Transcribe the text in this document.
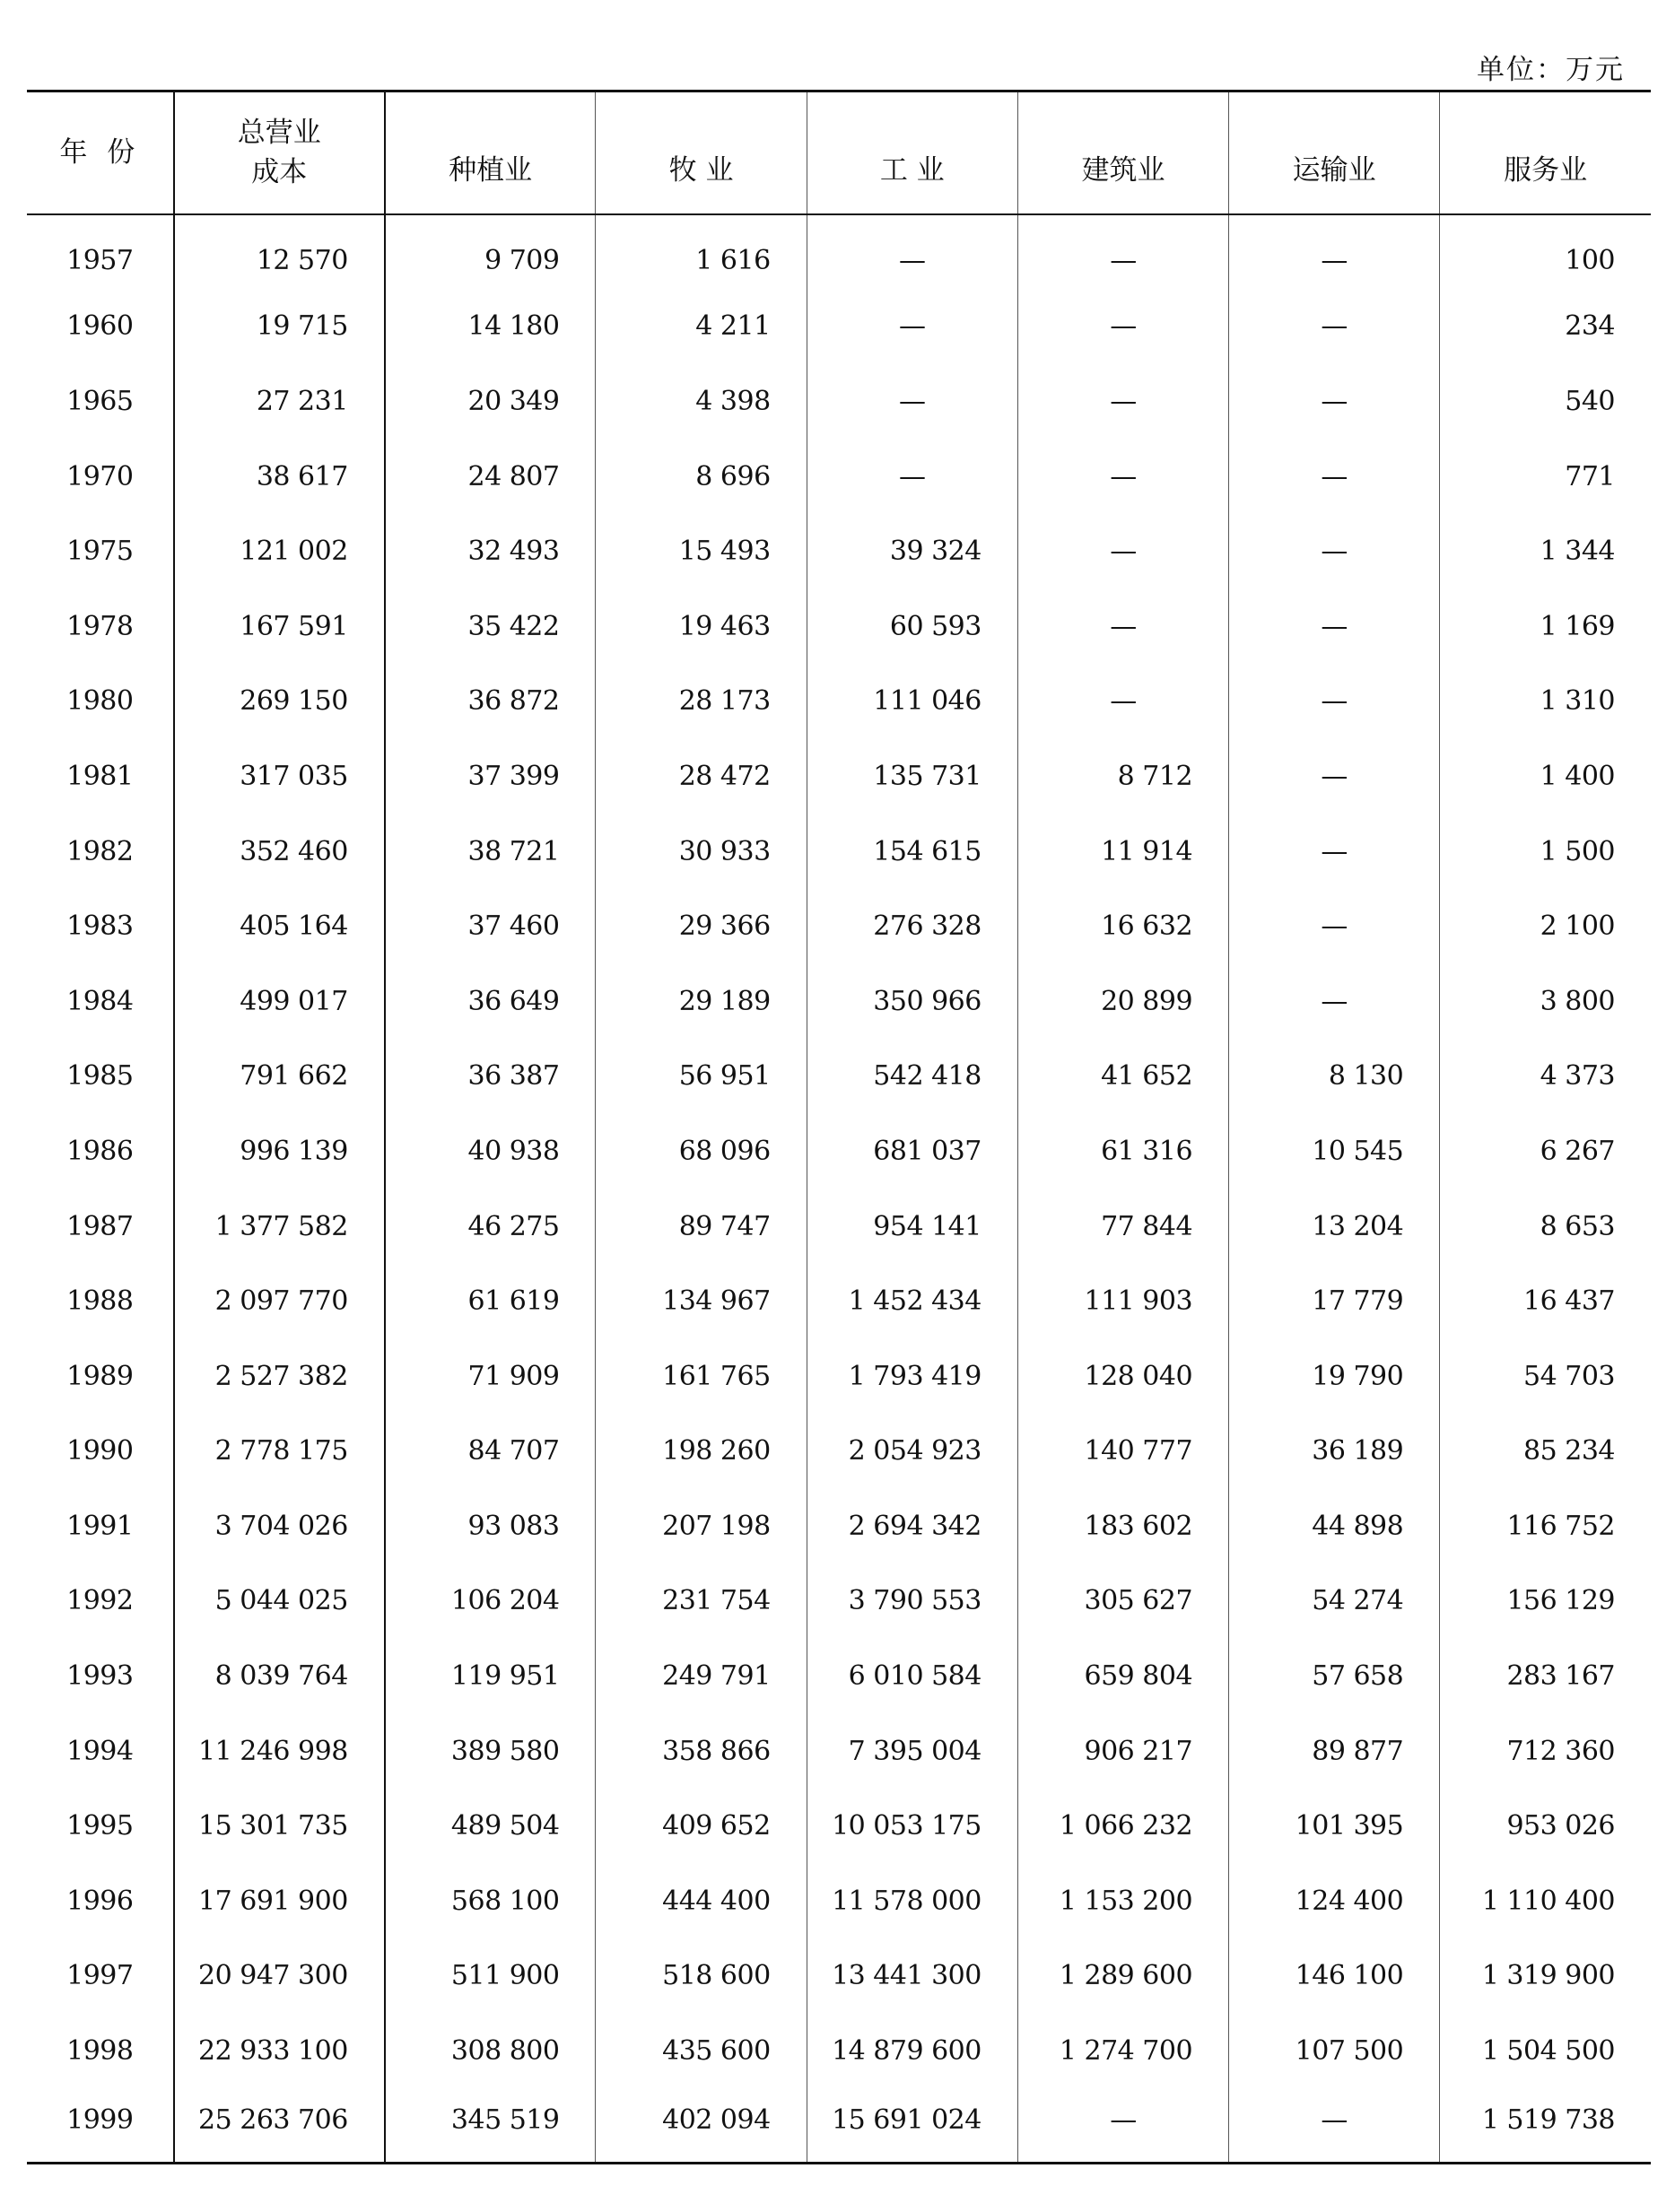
单位：万元
年 份	总营业成本	种植业	牧 业	工 业	建筑业	运输业	服务业
1957	12 570	9 709	1 616	—	—	—	100
1960	19 715	14 180	4 211	—	—	—	234
1965	27 231	20 349	4 398	—	—	—	540
1970	38 617	24 807	8 696	—	—	—	771
1975	121 002	32 493	15 493	39 324	—	—	1 344
1978	167 591	35 422	19 463	60 593	—	—	1 169
1980	269 150	36 872	28 173	111 046	—	—	1 310
1981	317 035	37 399	28 472	135 731	8 712	—	1 400
1982	352 460	38 721	30 933	154 615	11 914	—	1 500
1983	405 164	37 460	29 366	276 328	16 632	—	2 100
1984	499 017	36 649	29 189	350 966	20 899	—	3 800
1985	791 662	36 387	56 951	542 418	41 652	8 130	4 373
1986	996 139	40 938	68 096	681 037	61 316	10 545	6 267
1987	1 377 582	46 275	89 747	954 141	77 844	13 204	8 653
1988	2 097 770	61 619	134 967	1 452 434	111 903	17 779	16 437
1989	2 527 382	71 909	161 765	1 793 419	128 040	19 790	54 703
1990	2 778 175	84 707	198 260	2 054 923	140 777	36 189	85 234
1991	3 704 026	93 083	207 198	2 694 342	183 602	44 898	116 752
1992	5 044 025	106 204	231 754	3 790 553	305 627	54 274	156 129
1993	8 039 764	119 951	249 791	6 010 584	659 804	57 658	283 167
1994	11 246 998	389 580	358 866	7 395 004	906 217	89 877	712 360
1995	15 301 735	489 504	409 652	10 053 175	1 066 232	101 395	953 026
1996	17 691 900	568 100	444 400	11 578 000	1 153 200	124 400	1 110 400
1997	20 947 300	511 900	518 600	13 441 300	1 289 600	146 100	1 319 900
1998	22 933 100	308 800	435 600	14 879 600	1 274 700	107 500	1 504 500
1999	25 263 706	345 519	402 094	15 691 024	—	—	1 519 738
